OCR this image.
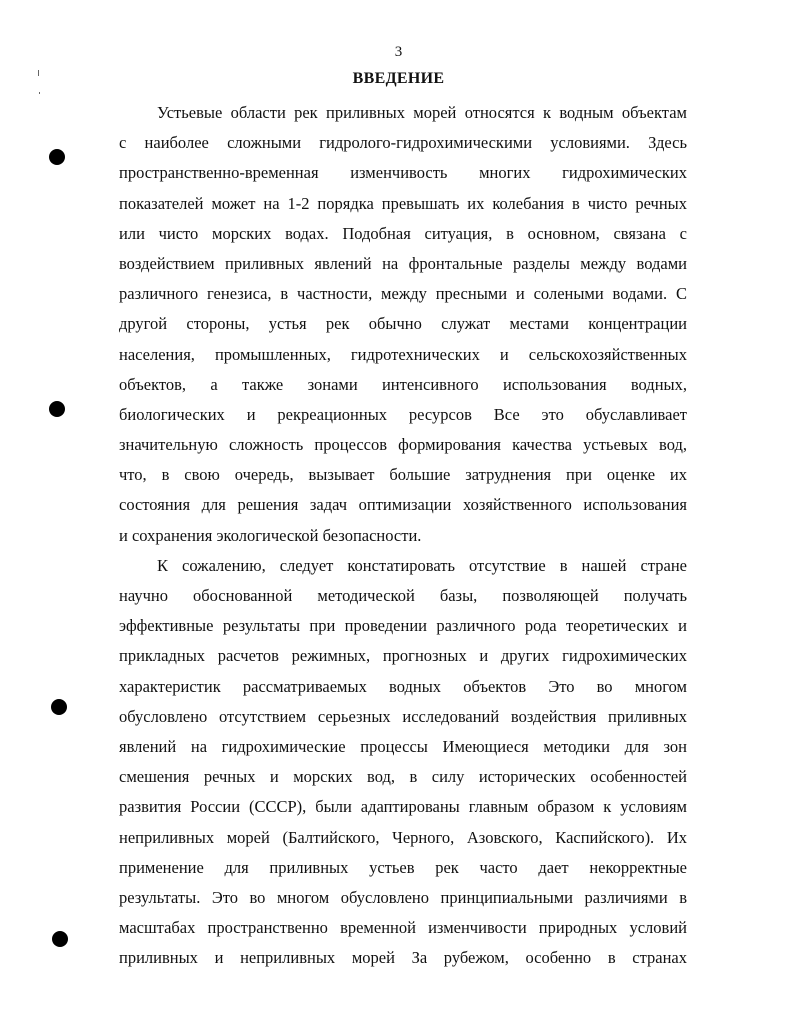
3
ВВЕДЕНИЕ
Устьевые области рек приливных морей относятся к водным объектам
с наиболее сложными гидролого-гидрохимическими условиями. Здесь
пространственно-временная изменчивость многих гидрохимических
показателей может на 1-2 порядка превышать их колебания в чисто речных
или чисто морских водах. Подобная ситуация, в основном, связана с
воздействием приливных явлений на фронтальные разделы между водами
различного генезиса, в частности, между пресными и солеными водами. С
другой стороны, устья рек обычно служат местами концентрации
населения, промышленных, гидротехнических и сельскохозяйственных
объектов, а также зонами интенсивного использования водных,
биологических и рекреационных ресурсов Все это обуславливает
значительную сложность процессов формирования качества устьевых вод,
что, в свою очередь, вызывает большие затруднения при оценке их
состояния для решения задач оптимизации хозяйственного использования
и сохранения экологической безопасности.
К сожалению, следует констатировать отсутствие в нашей стране
научно обоснованной методической базы, позволяющей получать
эффективные результаты при проведении различного рода теоретических и
прикладных расчетов режимных, прогнозных и других гидрохимических
характеристик рассматриваемых водных объектов Это во многом
обусловлено отсутствием серьезных исследований воздействия приливных
явлений на гидрохимические процессы Имеющиеся методики для зон
смешения речных и морских вод, в силу исторических особенностей
развития России (СССР), были адаптированы главным образом к условиям
неприливных морей (Балтийского, Черного, Азовского, Каспийского). Их
применение для приливных устьев рек часто дает некорректные
результаты. Это во многом обусловлено принципиальными различиями в
масштабах пространственно временной изменчивости природных условий
приливных и неприливных морей За рубежом, особенно в странах
